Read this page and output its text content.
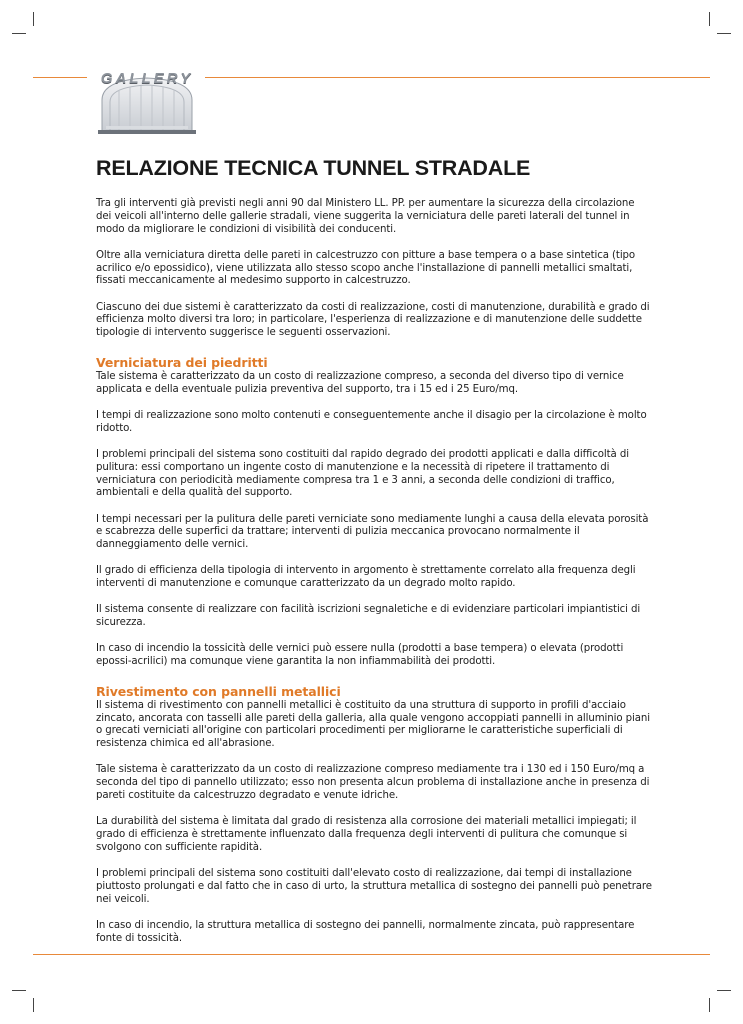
GALLERY
RELAZIONE TECNICA TUNNEL STRADALE

Tra gli interventi già previsti negli anni 90 dal Ministero LL. PP. per aumentare la sicurezza della circolazione dei veicoli all'interno delle gallerie stradali, viene suggerita la verniciatura delle pareti laterali del tunnel in modo da migliorare le condizioni di visibilità dei conducenti.

Oltre alla verniciatura diretta delle pareti in calcestruzzo con pitture a base tempera o a base sintetica (tipo acrilico e/o epossidico), viene utilizzata allo stesso scopo anche l'installazione di pannelli metallici smaltati, fissati meccanicamente al medesimo supporto in calcestruzzo.

Ciascuno dei due sistemi è caratterizzato da costi di realizzazione, costi di manutenzione, durabilità e grado di efficienza molto diversi tra loro; in particolare, l'esperienza di realizzazione e di manutenzione delle suddette tipologie di intervento suggerisce le seguenti osservazioni.

Verniciatura dei piedritti

Tale sistema è caratterizzato da un costo di realizzazione compreso, a seconda del diverso tipo di vernice applicata e della eventuale pulizia preventiva del supporto, tra i 15 ed i 25 Euro/mq.

I tempi di realizzazione sono molto contenuti e conseguentemente anche il disagio per la circolazione è molto ridotto.

I problemi principali del sistema sono costituiti dal rapido degrado dei prodotti applicati e dalla difficoltà di pulitura: essi comportano un ingente costo di manutenzione e la necessità di ripetere il trattamento di verniciatura con periodicità mediamente compresa tra 1 e 3 anni, a seconda delle condizioni di traffico, ambientali e della qualità del supporto.

I tempi necessari per la pulitura delle pareti verniciate sono mediamente lunghi a causa della elevata porosità e scabrezza delle superfici da trattare; interventi di pulizia meccanica provocano normalmente il danneggiamento delle vernici.

Il grado di efficienza della tipologia di intervento in argomento è strettamente correlato alla frequenza degli interventi di manutenzione e comunque caratterizzato da un degrado molto rapido.

Il sistema consente di realizzare con facilità iscrizioni segnaletiche e di evidenziare particolari impiantistici di sicurezza.

In caso di incendio la tossicità delle vernici può essere nulla (prodotti a base tempera) o elevata (prodotti epossi-acrilici) ma comunque viene garantita la non infiammabilità dei prodotti.

Rivestimento con pannelli metallici

Il sistema di rivestimento con pannelli metallici è costituito da una struttura di supporto in profili d'acciaio zincato, ancorata con tasselli alle pareti della galleria, alla quale vengono accoppiati pannelli in alluminio piani o grecati verniciati all'origine con particolari procedimenti per migliorarne le caratteristiche superficiali di resistenza chimica ed all'abrasione.

Tale sistema è caratterizzato da un costo di realizzazione compreso mediamente tra i 130 ed i 150 Euro/mq a seconda del tipo di pannello utilizzato; esso non presenta alcun problema di installazione anche in presenza di pareti costituite da calcestruzzo degradato e venute idriche.

La durabilità del sistema è limitata dal grado di resistenza alla corrosione dei materiali metallici impiegati; il grado di efficienza è strettamente influenzato dalla frequenza degli interventi di pulitura che comunque si svolgono con sufficiente rapidità.

I problemi principali del sistema sono costituiti dall'elevato costo di realizzazione, dai tempi di installazione piuttosto prolungati e dal fatto che in caso di urto, la struttura metallica di sostegno dei pannelli può penetrare nei veicoli.

In caso di incendio, la struttura metallica di sostegno dei pannelli, normalmente zincata, può rappresentare fonte di tossicità.
